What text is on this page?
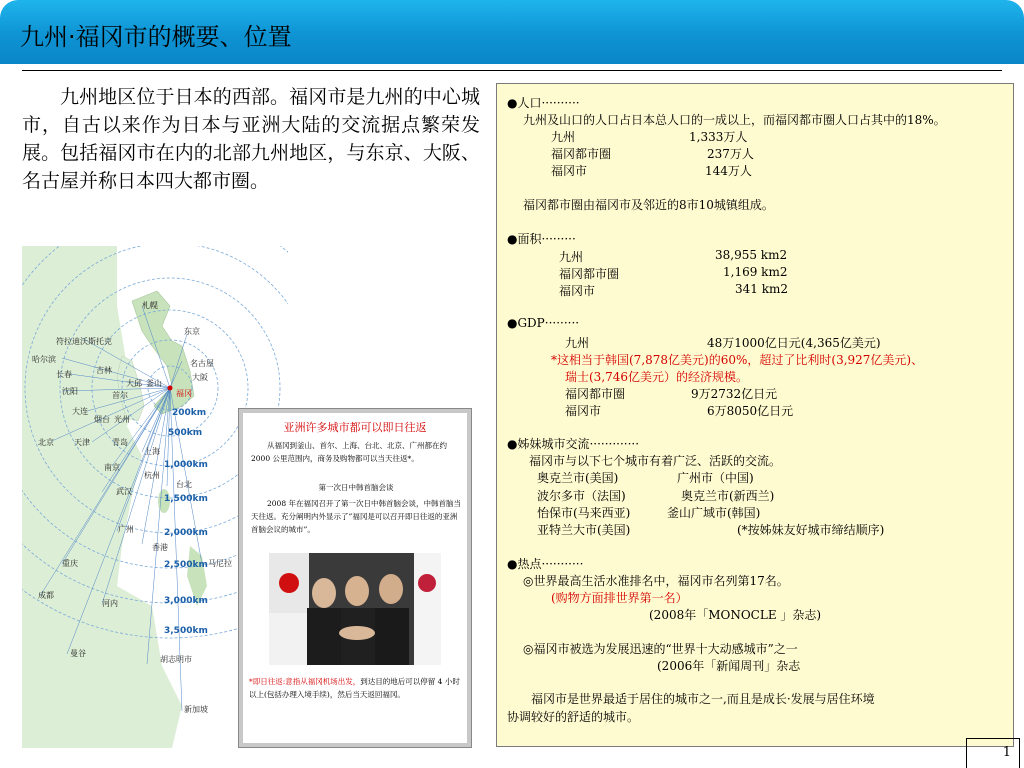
九州·福冈市的概要、位置
九州地区位于日本的西部。福冈市是九州的中心城市，自古以来作为日本与亚洲大陆的交流据点繁荣发展。包括福冈市在内的北部九州地区，与东京、大阪、名古屋并称日本四大都市圈。
札幌
东京
名古屋
大阪
符拉迪沃斯托克
哈尔滨
长春	吉林
沈阳
大邱 釜山
福冈
首尔
大连
烟台 光州
北京	天津	青岛
上海
南京
杭州
台北
武汉
广州
香港
重庆	马尼拉
成都
河内
曼谷
胡志明市
新加坡
200km
500km
1,000km
1,500km
2,000km
2,500km
3,000km
3,500km
亚洲许多城市都可以即日往返
从福冈到釜山、首尔、上海、台北、北京、广州都在约 2000 公里范围内，商务及购物都可以当天往返*。
第一次日中韩首脑会谈
2008 年在福冈召开了第一次日中韩首脑会谈，中韩首脑当天往返。充分阐明内外显示了”福冈是可以召开即日往返的亚洲首脑会议的城市”。
*即日往返:意指从福冈机场出发，到达目的地后可以停留 4 小时以上(包括办理入境手续)，然后当天返回福冈。
●人口··········
九州及山口的人口占日本总人口的一成以上，而福冈都市圈人口占其中的18%。
九州	1,333万人
福冈都市圈	237万人
福冈市	144万人
福冈都市圈由福冈市及邻近的8市10城镇组成。
●面积·········
九州	38,955 km2
福冈都市圈	1,169 km2
福冈市	341 km2
●GDP·········
九州	48万1000亿日元(4,365亿美元)
*这相当于韩国(7,878亿美元)的60%，超过了比利时(3,927亿美元)、
瑞士(3,746亿美元）的经济规模。
福冈都市圈	9万2732亿日元
福冈市	6万8050亿日元
●姊妹城市交流·············
福冈市与以下七个城市有着广泛、活跃的交流。
奥克兰市(美国)	广州市（中国)
波尔多市（法国)	奥克兰市(新西兰)
怡保市(马来西亚)	釜山广域市(韩国)
亚特兰大市(美国)	(*按姊妹友好城市缔结顺序)
●热点···········
◎世界最高生活水准排名中，福冈市名列第17名。
(购物方面排世界第一名）
(2008年「MONOCLE 」杂志)
◎福冈市被选为发展迅速的“世界十大动感城市”之一
(2006年「新闻周刊」杂志
福冈市是世界最适于居住的城市之一,而且是成长·发展与居住环境
协调较好的舒适的城市。
1
